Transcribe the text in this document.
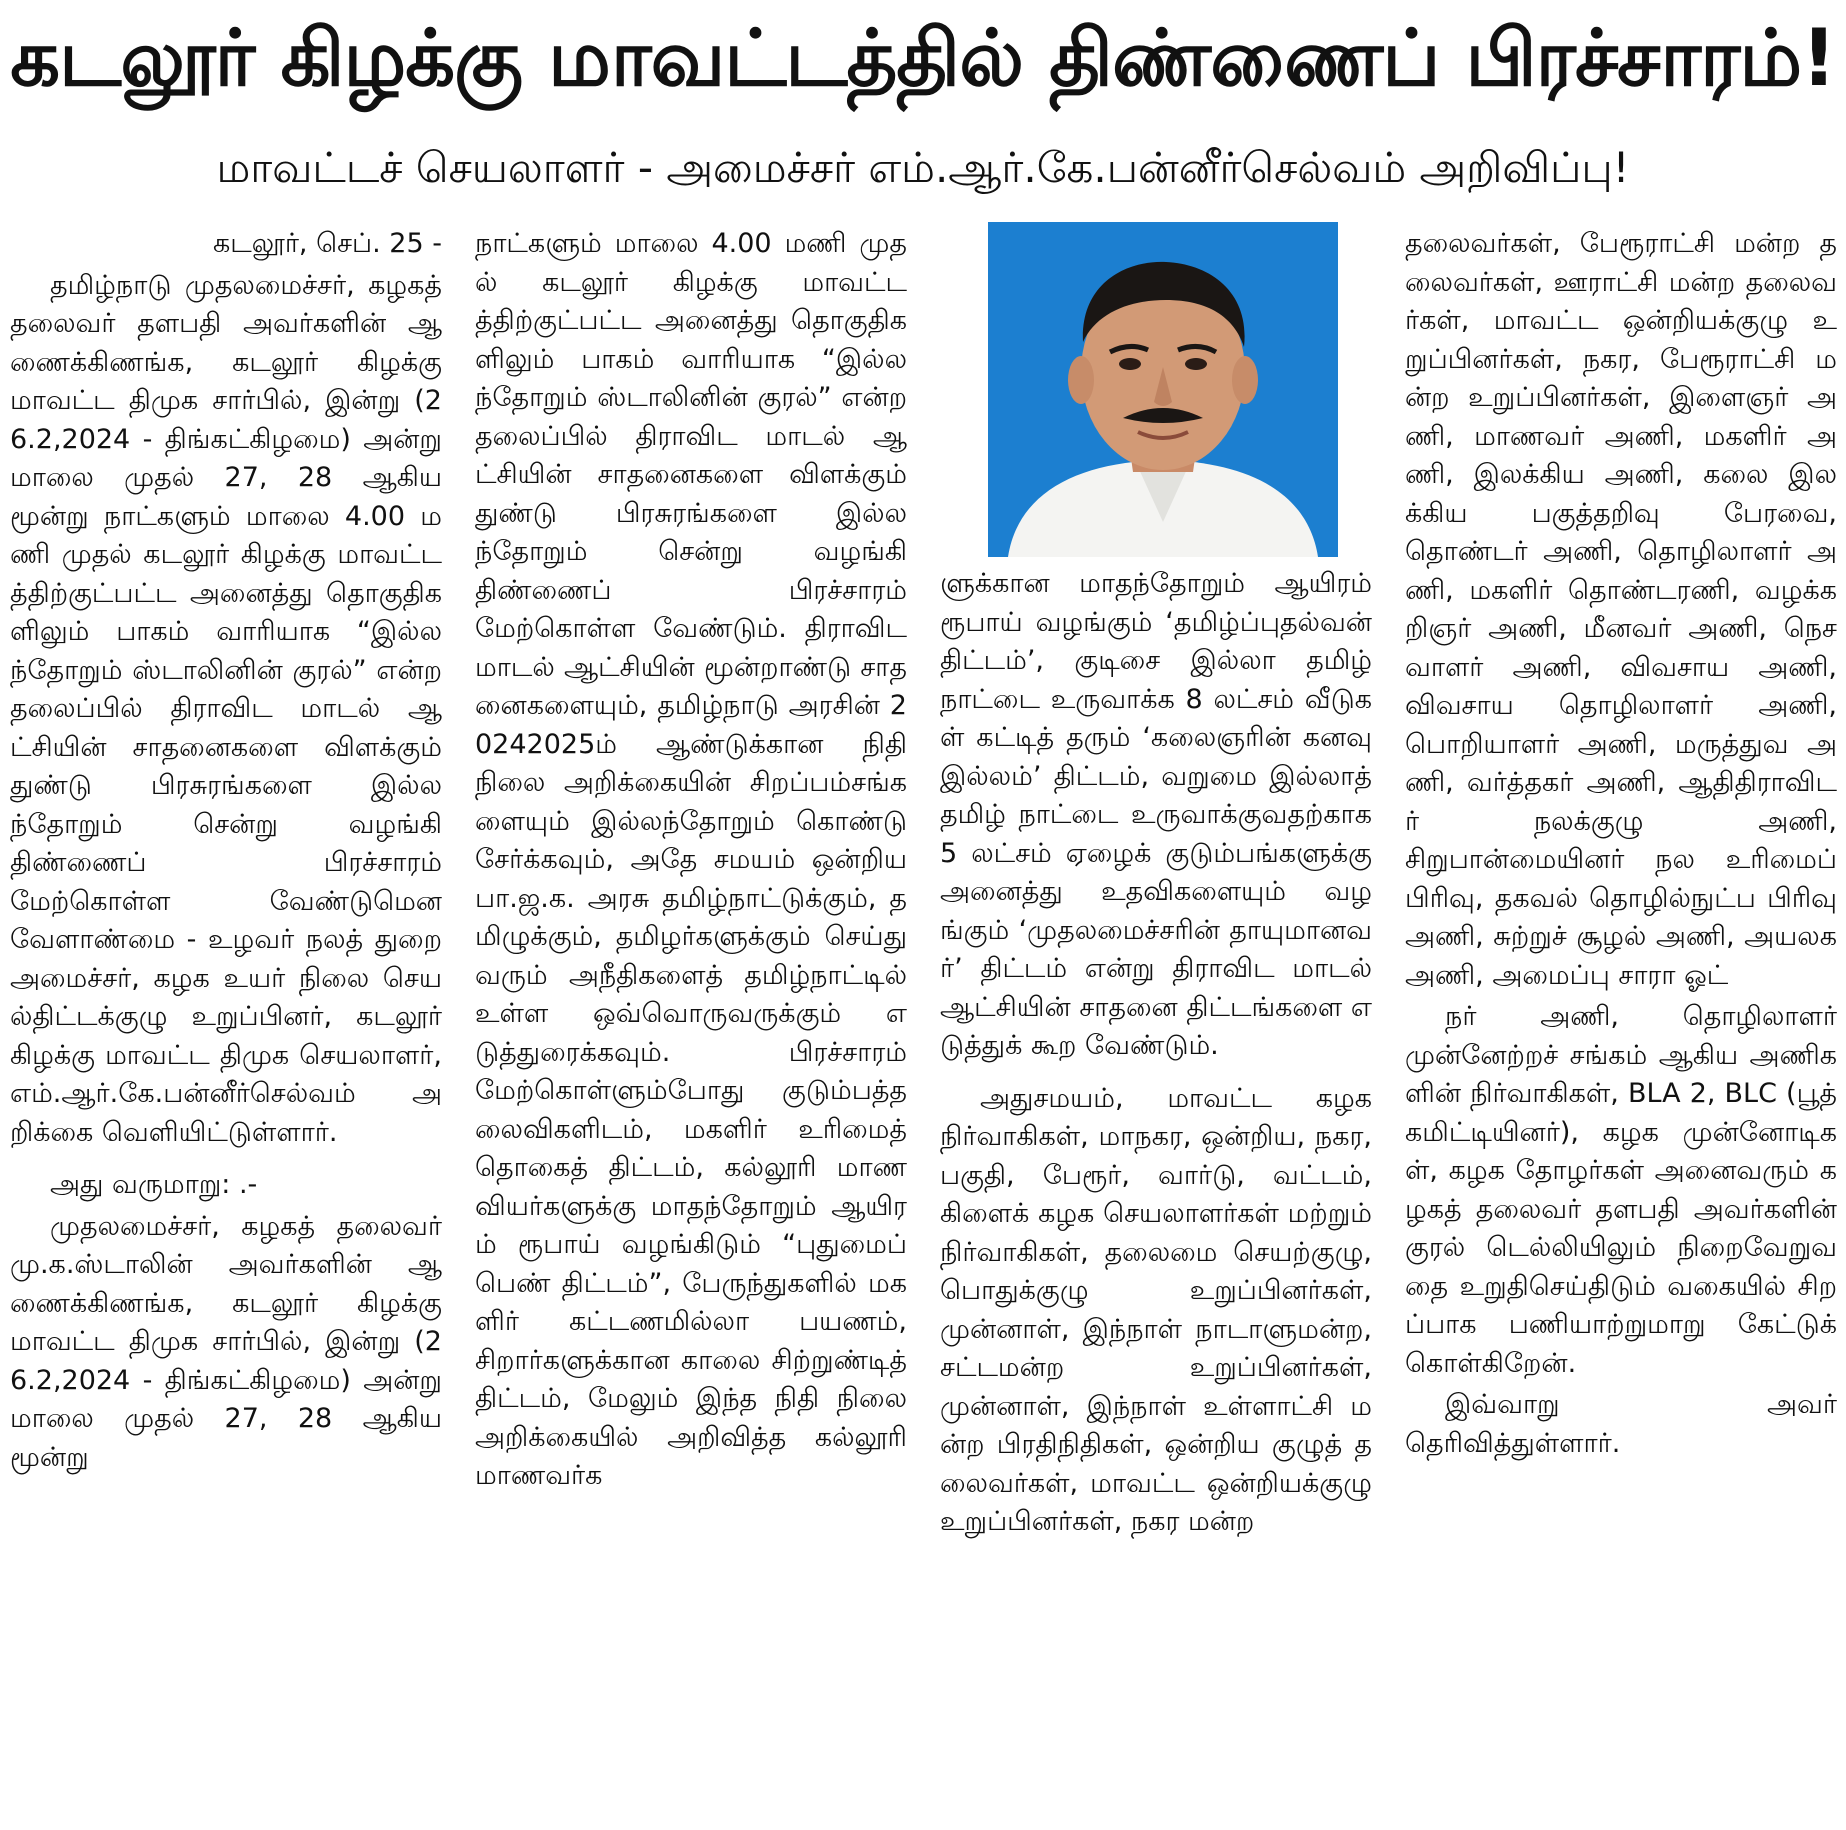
கடலூர் கிழக்கு மாவட்டத்தில் திண்ணைப் பிரச்சாரம்!
மாவட்டச் செயலாளர் - அமைச்சர் எம்.ஆர்.கே.பன்னீர்செல்வம் அறிவிப்பு!

கடலூர், செப். 25 -

தமிழ்நாடு முதலமைச்சர், கழகத் தலைவர் தளபதி அவர்களின் ஆணைக்கிணங்க, கடலூர் கிழக்கு மாவட்ட திமுக சார்பில், இன்று (26.2,2024 - திங்கட்கிழமை) அன்று மாலை முதல் 27, 28 ஆகிய மூன்று நாட்களும் மாலை 4.00 மணி முதல் கடலூர் கிழக்கு மாவட்டத்திற்குட்பட்ட அனைத்து தொகுதிகளிலும் பாகம் வாரியாக “இல்லந்தோறும் ஸ்டாலினின் குரல்” என்ற தலைப்பில் திராவிட மாடல் ஆட்சியின் சாதனைகளை விளக்கும் துண்டு பிரசுரங்களை இல்லந்தோறும் சென்று வழங்கி திண்ணைப் பிரச்சாரம் மேற்கொள்ள வேண்டுமென வேளாண்மை - உழவர் நலத் துறை அமைச்சர், கழக உயர் நிலை செயல்திட்டக்குழு உறுப்பினர், கடலூர் கிழக்கு மாவட்ட திமுக செயலாளர், எம்.ஆர்.கே.பன்னீர்செல்வம் அறிக்கை வெளியிட்டுள்ளார்.

அது வருமாறு: .-

முதலமைச்சர், கழகத் தலைவர் மு.க.ஸ்டாலின் அவர்களின் ஆணைக்கிணங்க, கடலூர் கிழக்கு மாவட்ட திமுக சார்பில், இன்று (26.2,2024 - திங்கட்கிழமை) அன்று மாலை முதல் 27, 28 ஆகிய மூன்று

நாட்களும் மாலை 4.00 மணி முதல் கடலூர் கிழக்கு மாவட்டத்திற்குட்பட்ட அனைத்து தொகுதிகளிலும் பாகம் வாரியாக “இல்லந்தோறும் ஸ்டாலினின் குரல்” என்ற தலைப்பில் திராவிட மாடல் ஆட்சியின் சாதனைகளை விளக்கும் துண்டு பிரசுரங்களை இல்லந்தோறும் சென்று வழங்கி திண்ணைப் பிரச்சாரம் மேற்கொள்ள வேண்டும். திராவிட மாடல் ஆட்சியின் மூன்றாண்டு சாதனைகளையும், தமிழ்நாடு அரசின் 20242025ம் ஆண்டுக்கான நிதி நிலை அறிக்கையின் சிறப்பம்சங்களையும் இல்லந்தோறும் கொண்டு சேர்க்கவும், அதே சமயம் ஒன்றிய பா.ஜ.க. அரசு தமிழ்நாட்டுக்கும், தமிழுக்கும், தமிழர்களுக்கும் செய்து வரும் அநீதிகளைத் தமிழ்நாட்டில் உள்ள ஒவ்வொருவருக்கும் எடுத்துரைக்கவும். பிரச்சாரம் மேற்கொள்ளும்போது குடும்பத்தலைவிகளிடம், மகளிர் உரிமைத் தொகைத் திட்டம், கல்லூரி மாணவியர்களுக்கு மாதந்தோறும் ஆயிரம் ரூபாய் வழங்கிடும் “புதுமைப் பெண் திட்டம்”, பேருந்துகளில் மகளிர் கட்டணமில்லா பயணம், சிறார்களுக்கான காலை சிற்றுண்டித் திட்டம், மேலும் இந்த நிதி நிலை அறிக்கையில் அறிவித்த கல்லூரி மாணவர்க

ளுக்கான மாதந்தோறும் ஆயிரம் ரூபாய் வழங்கும் ‘தமிழ்ப்புதல்வன் திட்டம்’, குடிசை இல்லா தமிழ் நாட்டை உருவாக்க 8 லட்சம் வீடுகள் கட்டித் தரும் ‘கலைஞரின் கனவு இல்லம்’ திட்டம், வறுமை இல்லாத் தமிழ் நாட்டை உருவாக்குவதற்காக 5 லட்சம் ஏழைக் குடும்பங்களுக்கு அனைத்து உதவிகளையும் வழங்கும் ‘முதலமைச்சரின் தாயுமானவர்’ திட்டம் என்று திராவிட மாடல் ஆட்சியின் சாதனை திட்டங்களை எடுத்துக் கூற வேண்டும்.

அதுசமயம், மாவட்ட கழக நிர்வாகிகள், மாநகர, ஒன்றிய, நகர, பகுதி, பேரூர், வார்டு, வட்டம், கிளைக் கழக செயலாளர்கள் மற்றும் நிர்வாகிகள், தலைமை செயற்குழு, பொதுக்குழு உறுப்பினர்கள், முன்னாள், இந்நாள் நாடாளுமன்ற, சட்டமன்ற உறுப்பினர்கள், முன்னாள், இந்நாள் உள்ளாட்சி மன்ற பிரதிநிதிகள், ஒன்றிய குழுத் தலைவர்கள், மாவட்ட ஒன்றியக்குழு உறுப்பினர்கள், நகர மன்ற

தலைவர்கள், பேரூராட்சி மன்ற தலைவர்கள், ஊராட்சி மன்ற தலைவர்கள், மாவட்ட ஒன்றியக்குழு உறுப்பினர்கள், நகர, பேரூராட்சி மன்ற உறுப்பினர்கள், இளைஞர் அணி, மாணவர் அணி, மகளிர் அணி, இலக்கிய அணி, கலை இலக்கிய பகுத்தறிவு பேரவை, தொண்டர் அணி, தொழிலாளர் அணி, மகளிர் தொண்டரணி, வழக்கறிஞர் அணி, மீனவர் அணி, நெசவாளர் அணி, விவசாய அணி, விவசாய தொழிலாளர் அணி, பொறியாளர் அணி, மருத்துவ அணி, வர்த்தகர் அணி, ஆதிதிராவிடர் நலக்குழு அணி, சிறுபான்மையினர் நல உரிமைப் பிரிவு, தகவல் தொழில்நுட்ப பிரிவு அணி, சுற்றுச் சூழல் அணி, அயலக அணி, அமைப்பு சாரா ஓட்

நர் அணி, தொழிலாளர் முன்னேற்றச் சங்கம் ஆகிய அணிகளின் நிர்வாகிகள், BLA 2, BLC (பூத் கமிட்டியினர்), கழக முன்னோடிகள், கழக தோழர்கள் அனைவரும் கழகத் தலைவர் தளபதி அவர்களின் குரல் டெல்லியிலும் நிறைவேறுவதை உறுதிசெய்திடும் வகையில் சிறப்பாக பணியாற்றுமாறு கேட்டுக் கொள்கிறேன்.

இவ்வாறு அவர் தெரிவித்துள்ளார்.
